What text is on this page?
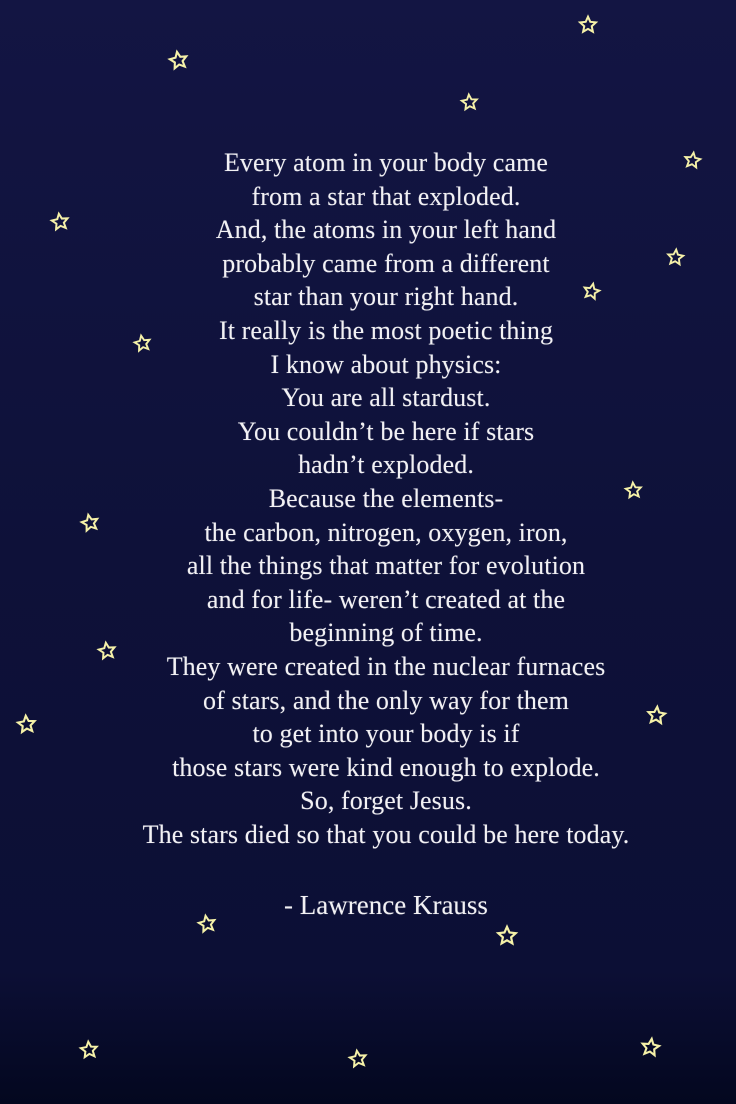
Every atom in your body came
from a star that exploded.
And, the atoms in your left hand
probably came from a different
star than your right hand.
It really is the most poetic thing
I know about physics:
You are all stardust.
You couldn’t be here if stars
hadn’t exploded.
Because the elements-
the carbon, nitrogen, oxygen, iron,
all the things that matter for evolution
and for life- weren’t created at the
beginning of time.
They were created in the nuclear furnaces
of stars, and the only way for them
to get into your body is if
those stars were kind enough to explode.
So, forget Jesus.
The stars died so that you could be here today.
- Lawrence Krauss
